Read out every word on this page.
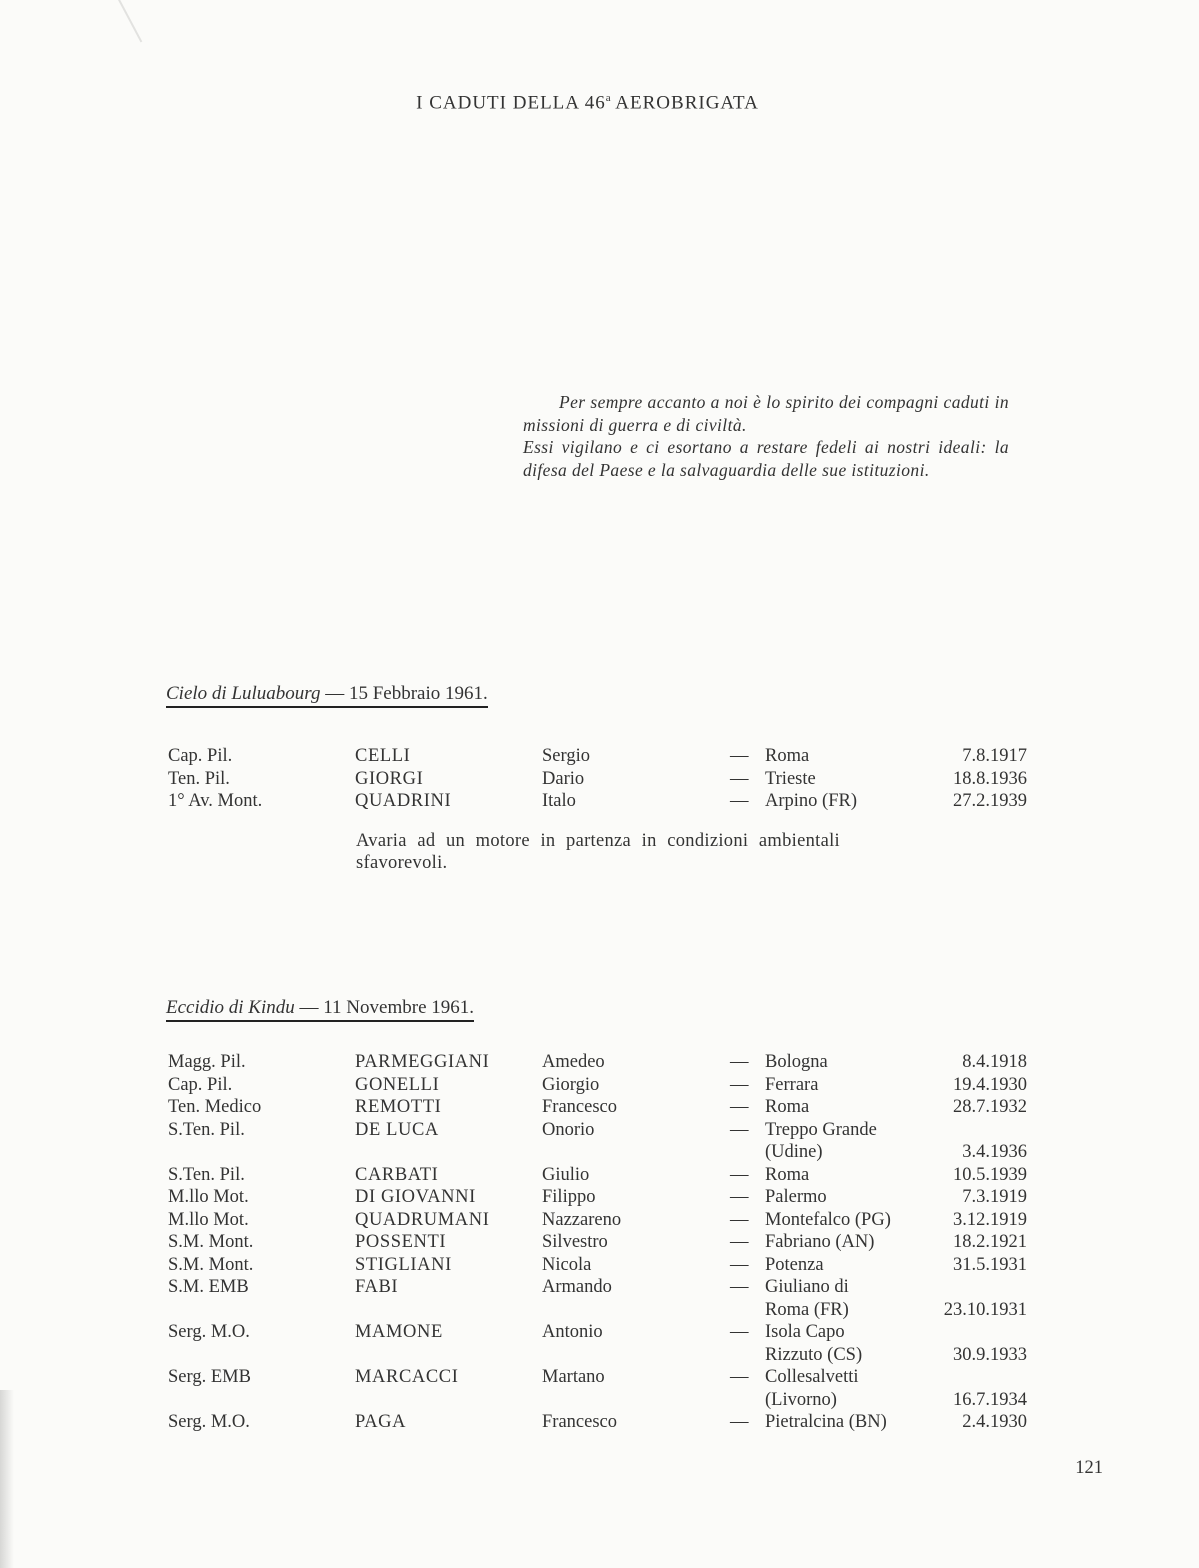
I CADUTI DELLA 46$^a$ AEROBRIGATA

Per sempre accanto a noi è lo spirito dei compagni caduti in missioni di guerra e di civiltà.

Essi vigilano e ci esortano a restare fedeli ai nostri ideali: la difesa del Paese e la salvaguardia delle sue istituzioni.

Cielo di Luluabourg — 15 Febbraio 1961.
Cap. Pil.	CELLI	Sergio	— Roma	7.8.1917
Ten. Pil.	GIORGI	Dario	— Trieste	18.8.1936
1° Av. Mont.	QUADRINI	Italo	— Arpino (FR)	27.2.1939
Avaria ad un motore in partenza in condizioni ambientali sfavorevoli.
Eccidio di Kindu — 11 Novembre 1961.
Magg. Pil.	PARMEGGIANI	Amedeo	— Bologna	8.4.1918
Cap. Pil.	GONELLI	Giorgio	— Ferrara	19.4.1930
Ten. Medico	REMOTTI	Francesco	— Roma	28.7.1932
S.Ten. Pil.	DE LUCA	Onorio	— Treppo Grande
(Udine)	3.4.1936
S.Ten. Pil.	CARBATI	Giulio	— Roma	10.5.1939
M.llo Mot.	DI GIOVANNI	Filippo	— Palermo	7.3.1919
M.llo Mot.	QUADRUMANI	Nazzareno	— Montefalco (PG)	3.12.1919
S.M. Mont.	POSSENTI	Silvestro	— Fabriano (AN)	18.2.1921
S.M. Mont.	STIGLIANI	Nicola	— Potenza	31.5.1931
S.M. EMB	FABI	Armando	— Giuliano di
Roma (FR)	23.10.1931
Serg. M.O.	MAMONE	Antonio	— Isola Capo
Rizzuto (CS)	30.9.1933
Serg. EMB	MARCACCI	Martano	— Collesalvetti
(Livorno)	16.7.1934
Serg. M.O.	PAGA	Francesco	— Pietralcina (BN)	2.4.1930
121
